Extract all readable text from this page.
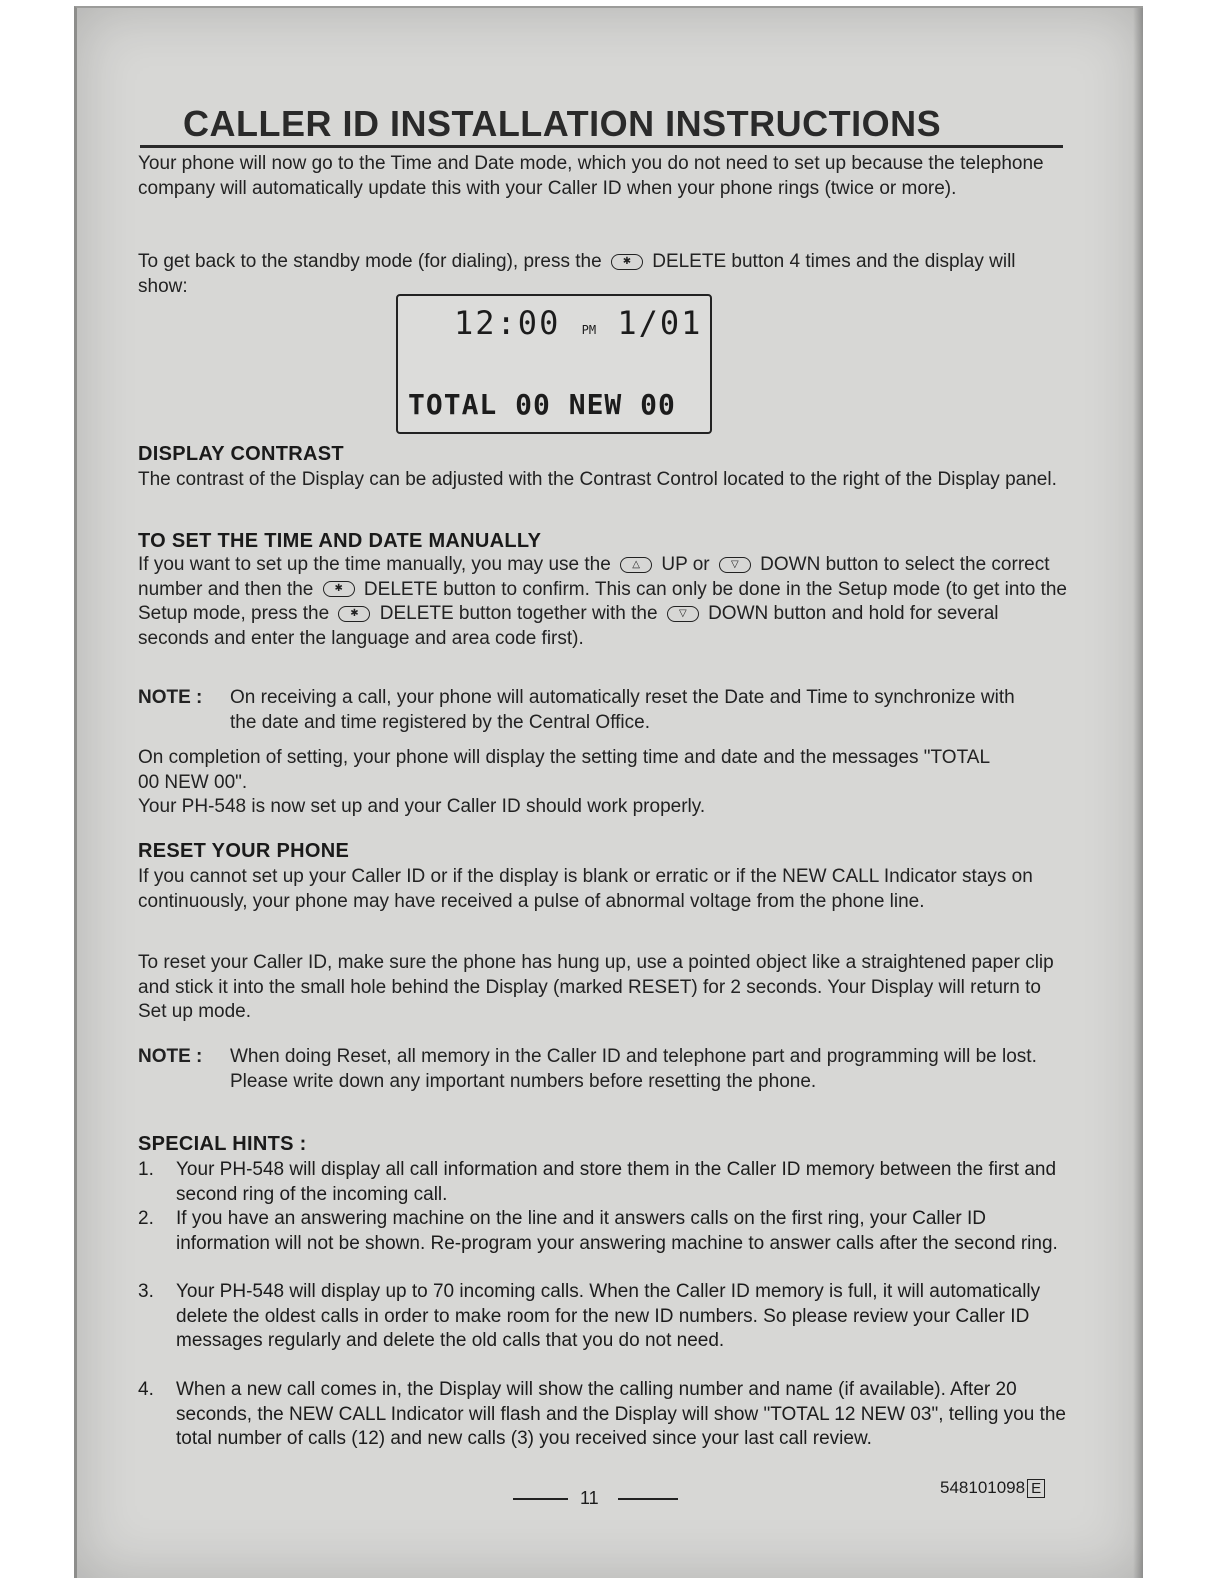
CALLER ID INSTALLATION INSTRUCTIONS
Your phone will now go to the Time and Date mode, which you do not need to set up because the telephone company will automatically update this with your Caller ID when your phone rings (twice or more).
To get back to the standby mode (for dialing), press the ✱ DELETE button 4 times and the display will show:
12:00 PM 1/01
TOTAL 00 NEW 00
DISPLAY CONTRAST
The contrast of the Display can be adjusted with the Contrast Control located to the right of the Display panel.
TO SET THE TIME AND DATE MANUALLY
If you want to set up the time manually, you may use the △ UP or ▽ DOWN button to select the correct number and then the ✱ DELETE button to confirm. This can only be done in the Setup mode (to get into the Setup mode, press the ✱ DELETE button together with the ▽ DOWN button and hold for several seconds and enter the language and area code first).
NOTE : On receiving a call, your phone will automatically reset the Date and Time to synchronize with the date and time registered by the Central Office.
On completion of setting, your phone will display the setting time and date and the messages "TOTAL 00 NEW 00".
Your PH-548 is now set up and your Caller ID should work properly.
RESET YOUR PHONE
If you cannot set up your Caller ID or if the display is blank or erratic or if the NEW CALL Indicator stays on continuously, your phone may have received a pulse of abnormal voltage from the phone line.
To reset your Caller ID, make sure the phone has hung up, use a pointed object like a straightened paper clip and stick it into the small hole behind the Display (marked RESET) for 2 seconds. Your Display will return to Set up mode.
NOTE : When doing Reset, all memory in the Caller ID and telephone part and programming will be lost. Please write down any important numbers before resetting the phone.
SPECIAL HINTS :
1. Your PH-548 will display all call information and store them in the Caller ID memory between the first and second ring of the incoming call.
2. If you have an answering machine on the line and it answers calls on the first ring, your Caller ID information will not be shown. Re-program your answering machine to answer calls after the second ring.
3. Your PH-548 will display up to 70 incoming calls. When the Caller ID memory is full, it will automatically delete the oldest calls in order to make room for the new ID numbers. So please review your Caller ID messages regularly and delete the old calls that you do not need.
4. When a new call comes in, the Display will show the calling number and name (if available). After 20 seconds, the NEW CALL Indicator will flash and the Display will show "TOTAL 12 NEW 03", telling you the total number of calls (12) and new calls (3) you received since your last call review.
11
548101098 E
